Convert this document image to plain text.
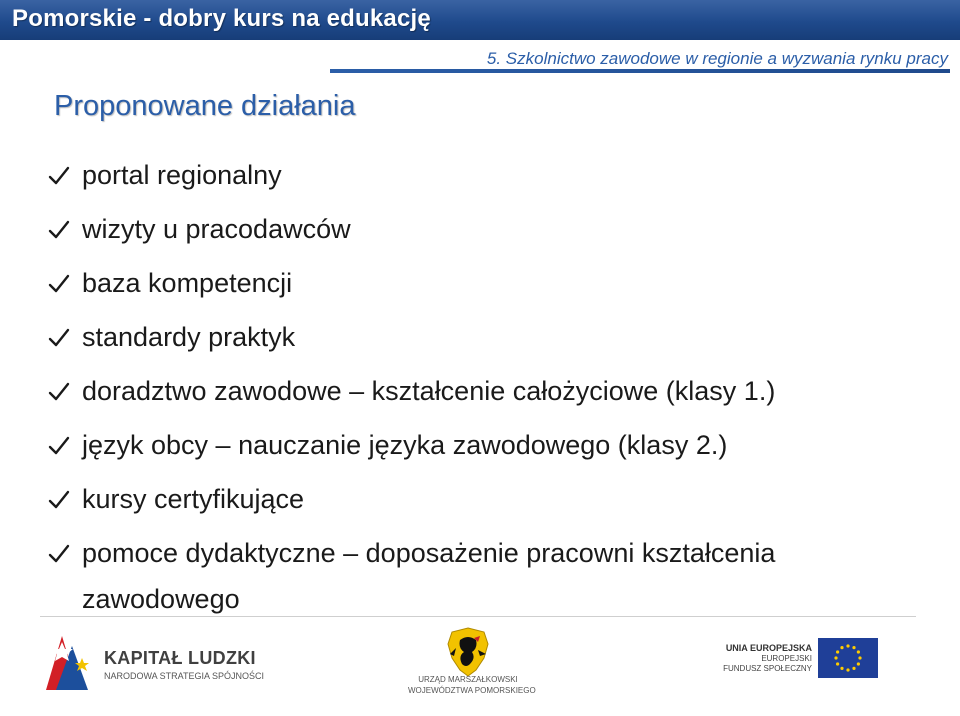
Pomorskie - dobry kurs na edukację
5. Szkolnictwo zawodowe w regionie a wyzwania rynku pracy
Proponowane działania
portal regionalny
wizyty u pracodawców
baza kompetencji
standardy praktyk
doradztwo zawodowe – kształcenie całożyciowe (klasy 1.)
język obcy – nauczanie języka zawodowego (klasy 2.)
kursy certyfikujące
pomoce dydaktyczne – doposażenie pracowni kształcenia zawodowego
KAPITAŁ LUDZKI
NARODOWA STRATEGIA SPÓJNOŚCI	URZĄD MARSZAŁKOWSKI
WOJEWÓDZTWA POMORSKIEGO
UNIA EUROPEJSKA
EUROPEJSKI
FUNDUSZ SPOŁECZNY
